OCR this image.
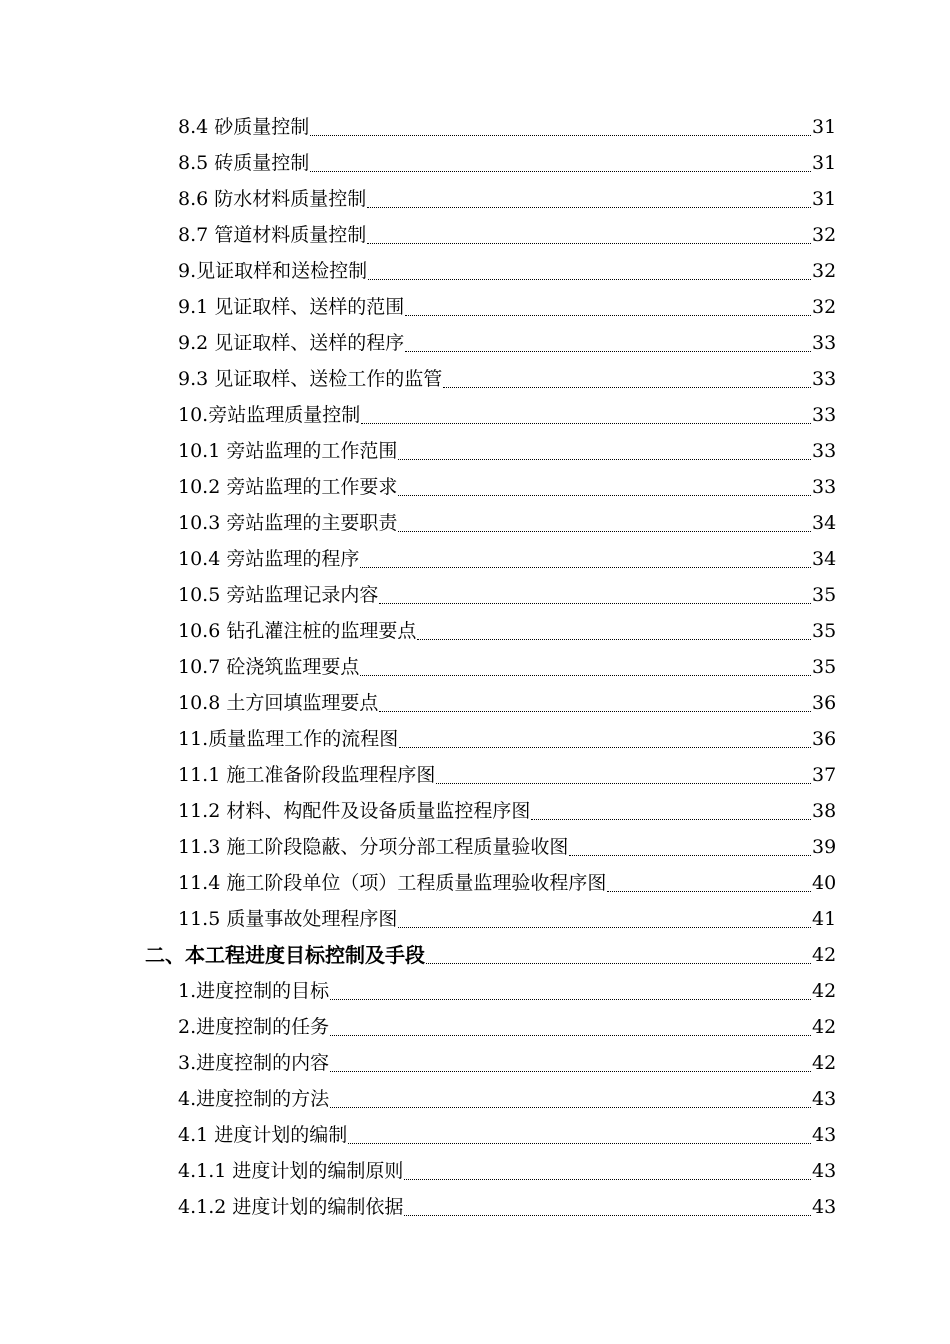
8.4 砂质量控制	31
8.5 砖质量控制	31
8.6 防水材料质量控制	31
8.7 管道材料质量控制	32
9.见证取样和送检控制	32
9.1 见证取样、送样的范围	32
9.2 见证取样、送样的程序	33
9.3 见证取样、送检工作的监管	33
10.旁站监理质量控制	33
10.1 旁站监理的工作范围	33
10.2 旁站监理的工作要求	33
10.3 旁站监理的主要职责	34
10.4 旁站监理的程序	34
10.5 旁站监理记录内容	35
10.6 钻孔灌注桩的监理要点	35
10.7 砼浇筑监理要点	35
10.8 土方回填监理要点	36
11.质量监理工作的流程图	36
11.1 施工准备阶段监理程序图	37
11.2 材料、构配件及设备质量监控程序图	38
11.3 施工阶段隐蔽、分项分部工程质量验收图	39
11.4 施工阶段单位（项）工程质量监理验收程序图	40
11.5 质量事故处理程序图	41
二、本工程进度目标控制及手段	42
1.进度控制的目标	42
2.进度控制的任务	42
3.进度控制的内容	42
4.进度控制的方法	43
4.1 进度计划的编制	43
4.1.1 进度计划的编制原则	43
4.1.2 进度计划的编制依据	43
